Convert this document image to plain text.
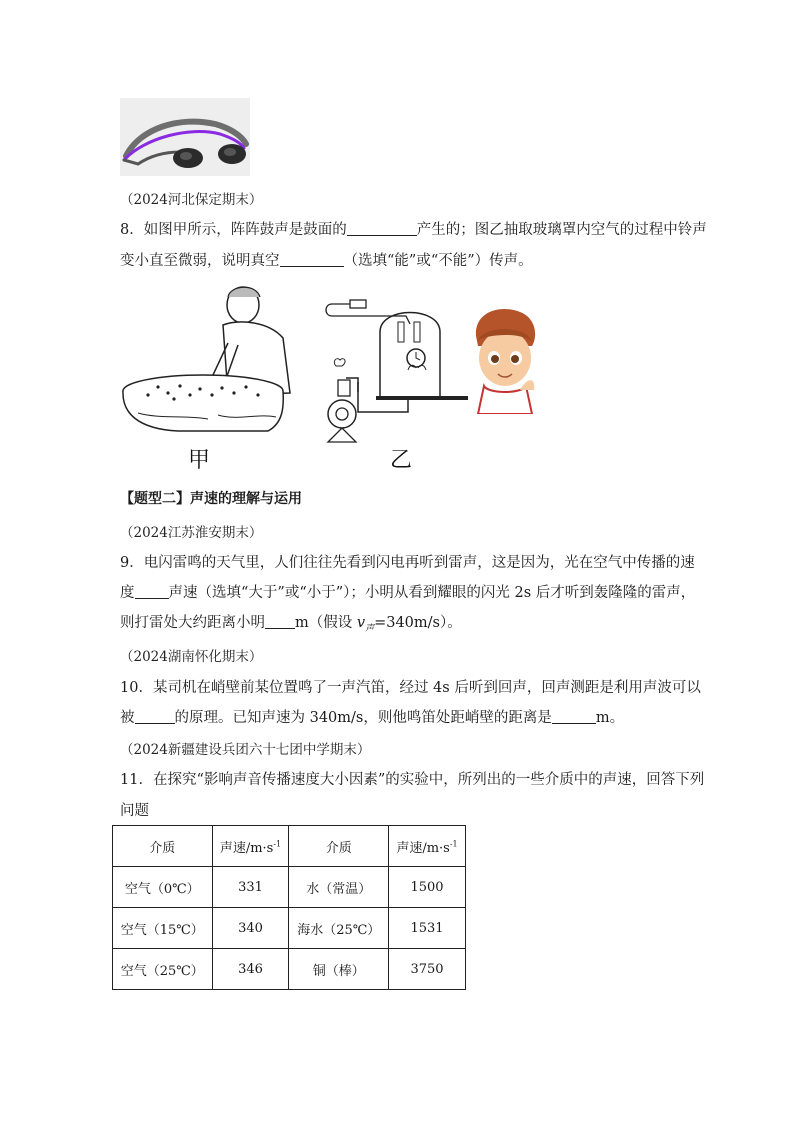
（2024河北保定期末）
8．如图甲所示，阵阵鼓声是鼓面的	产生的；图乙抽取玻璃罩内空气的过程中铃声
变小直至微弱，说明真空	（选填“能”或“不能”）传声。
甲	乙
【题型二】声速的理解与运用
（2024江苏淮安期末）
9．电闪雷鸣的天气里，人们往往先看到闪电再听到雷声，这是因为，光在空气中传播的速
度 声速（选填“大于”或“小于”）；小明从看到耀眼的闪光 2s 后才听到轰隆隆的雷声，
则打雷处大约距离小明 m（假设 $v_声=340m/s$）。
（2024湖南怀化期末）
10．某司机在峭壁前某位置鸣了一声汽笛，经过 4s 后听到回声，回声测距是利用声波可以
被	的原理。已知声速为 340m/s，则他鸣笛处距峭壁的距离是	m。
（2024新疆建设兵团六十七团中学期末）
11．在探究“影响声音传播速度大小因素”的实验中，所列出的一些介质中的声速，回答下列
问题
介质	声速$/m\cdot s^{-1}$	介质	声速$/m\cdot s^{-1}$
空气（0℃）	331	水（常温）	1500
空气（15℃）	340	海水（25℃）	1531
空气（25℃）	346	铜（棒）	3750
